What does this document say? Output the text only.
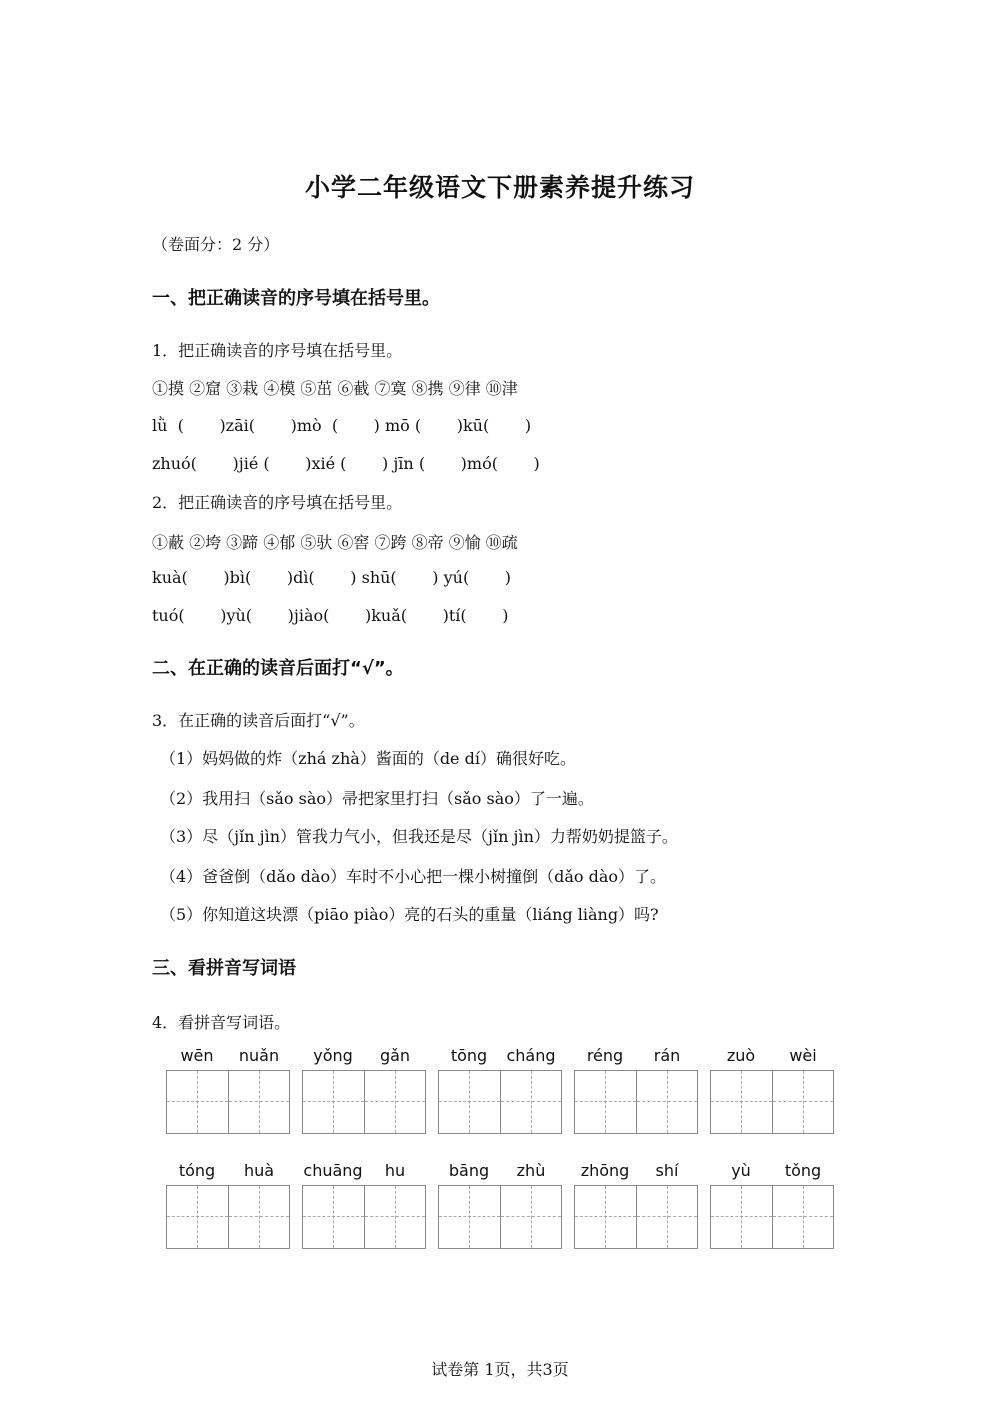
小学二年级语文下册素养提升练习
（卷面分：2 分）
一、把正确读音的序号填在括号里。
1．把正确读音的序号填在括号里。
①摸 ②窟 ③栽 ④模 ⑤茁 ⑥截 ⑦寞 ⑧携 ⑨律 ⑩津
lǜ  (       )zāi(       )mò  (       ) mō (       )kū(       )
zhuó(       )jié (       )xié (       ) jīn (       )mó(       )
2．把正确读音的序号填在括号里。
①蔽 ②垮 ③蹄 ④郁 ⑤驮 ⑥窖 ⑦跨 ⑧帝 ⑨愉 ⑩疏
kuà(       )bì(       )dì(       ) shū(       ) yú(       )
tuó(       )yù(       )jiào(       )kuǎ(       )tí(       )
二、在正确的读音后面打“√”。
3．在正确的读音后面打“√”。
（1）妈妈做的炸（zhá zhà）酱面的（de dí）确很好吃。
（2）我用扫（sǎo sào）帚把家里打扫（sǎo sào）了一遍。
（3）尽（jǐn jìn）管我力气小，但我还是尽（jǐn jìn）力帮奶奶提篮子。
（4）爸爸倒（dǎo dào）车时不小心把一棵小树撞倒（dǎo dào）了。
（5）你知道这块漂（piāo piào）亮的石头的重量（liáng liàng）吗?
三、看拼音写词语
4．看拼音写词语。
wēn	nuǎn	yǒng	gǎn	tōng	cháng	réng	rán	zuò	wèi
tóng	huà	chuāng	hu	bāng	zhù	zhōng	shí	yù	tǒng
试卷第 1页，共3页
